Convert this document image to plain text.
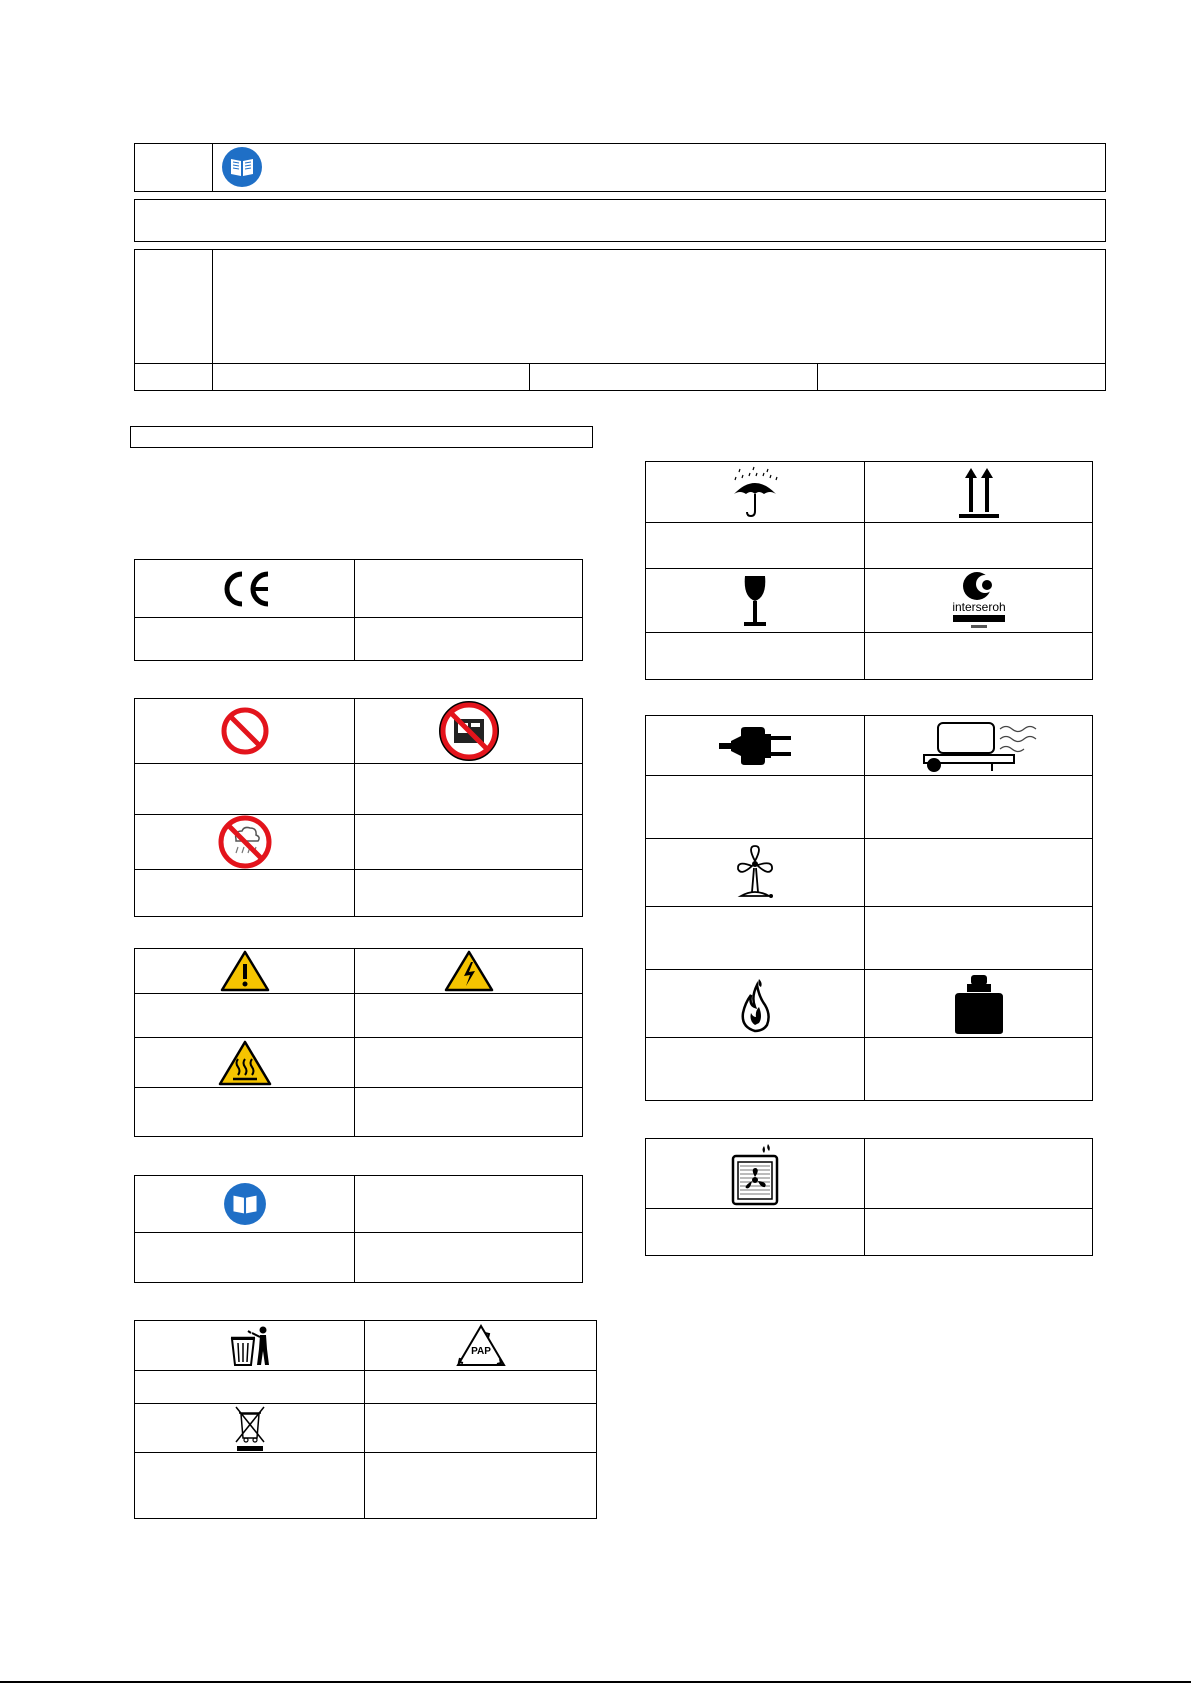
PAP

interseroh
